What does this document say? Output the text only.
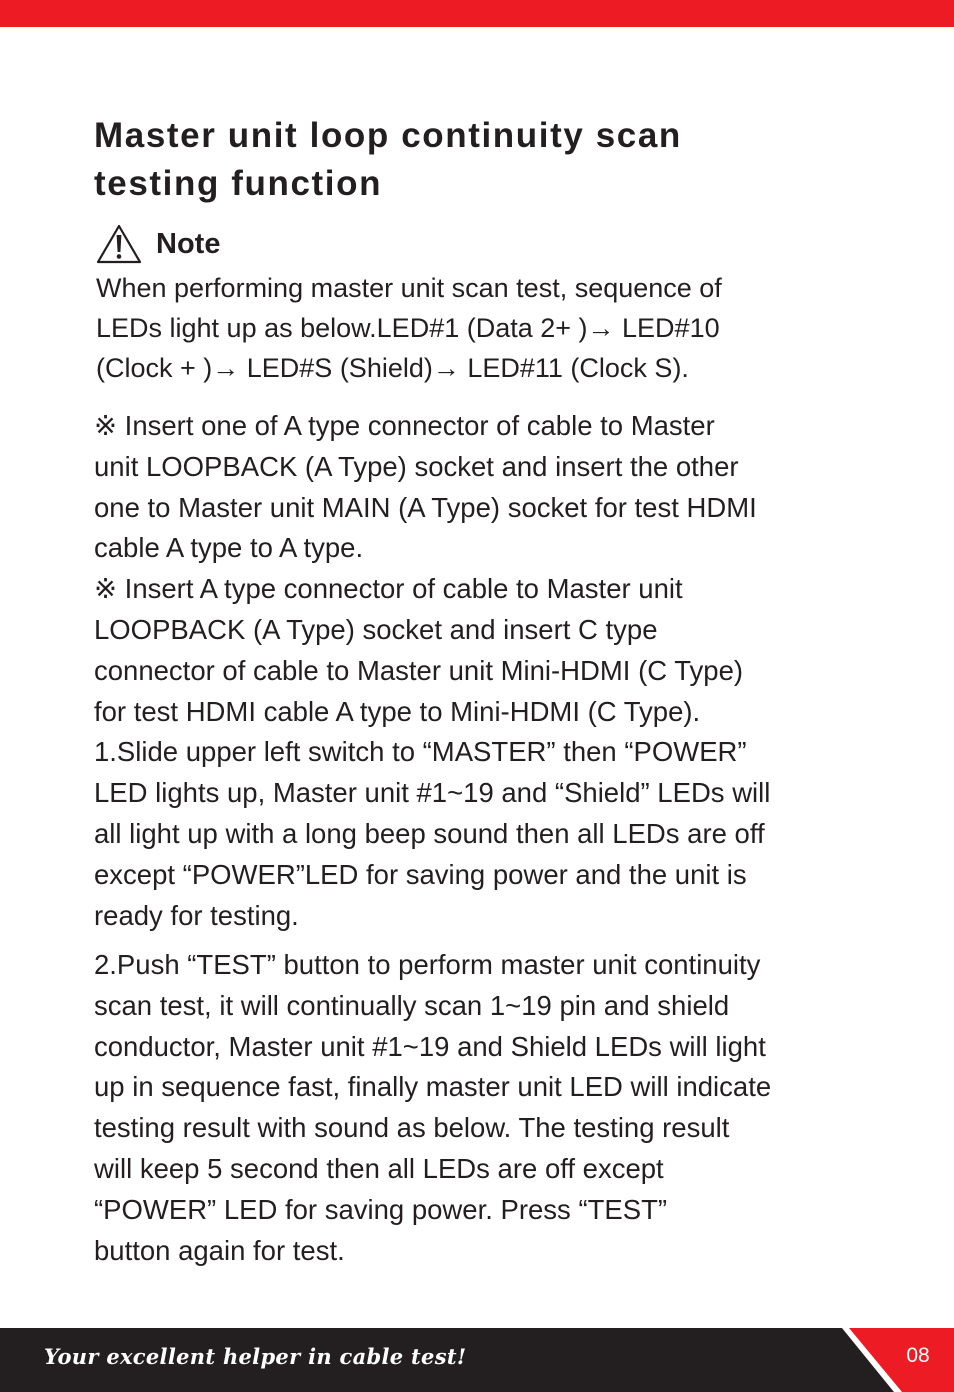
Master unit loop continuity scan
testing function
Note

When performing master unit scan test, sequence of

LEDs light up as below.LED#1 (Data 2+ )→ LED#10

(Clock + )→ LED#S (Shield)→ LED#11 (Clock S).

※ Insert one of A type connector of cable to Master

unit LOOPBACK (A Type) socket and insert the other

one to Master unit MAIN (A Type) socket for test HDMI

cable A type to A type.

※ Insert A type connector of cable to Master unit

LOOPBACK (A Type) socket and insert C type

connector of cable to Master unit Mini-HDMI (C Type)

for test HDMI cable A type to Mini-HDMI (C Type).

1.Slide upper left switch to “MASTER” then “POWER”

LED lights up, Master unit #1~19 and “Shield” LEDs will

all light up with a long beep sound then all LEDs are off

except “POWER”LED for saving power and the unit is

ready for testing.

2.Push “TEST” button to perform master unit continuity

scan test, it will continually scan 1~19 pin and shield

conductor, Master unit #1~19 and Shield LEDs will light

up in sequence fast, finally master unit LED will indicate

testing result with sound as below. The testing result

will keep 5 second then all LEDs are off except

“POWER” LED for saving power. Press “TEST”

button again for test.

Your excellent helper in cable test!	08
